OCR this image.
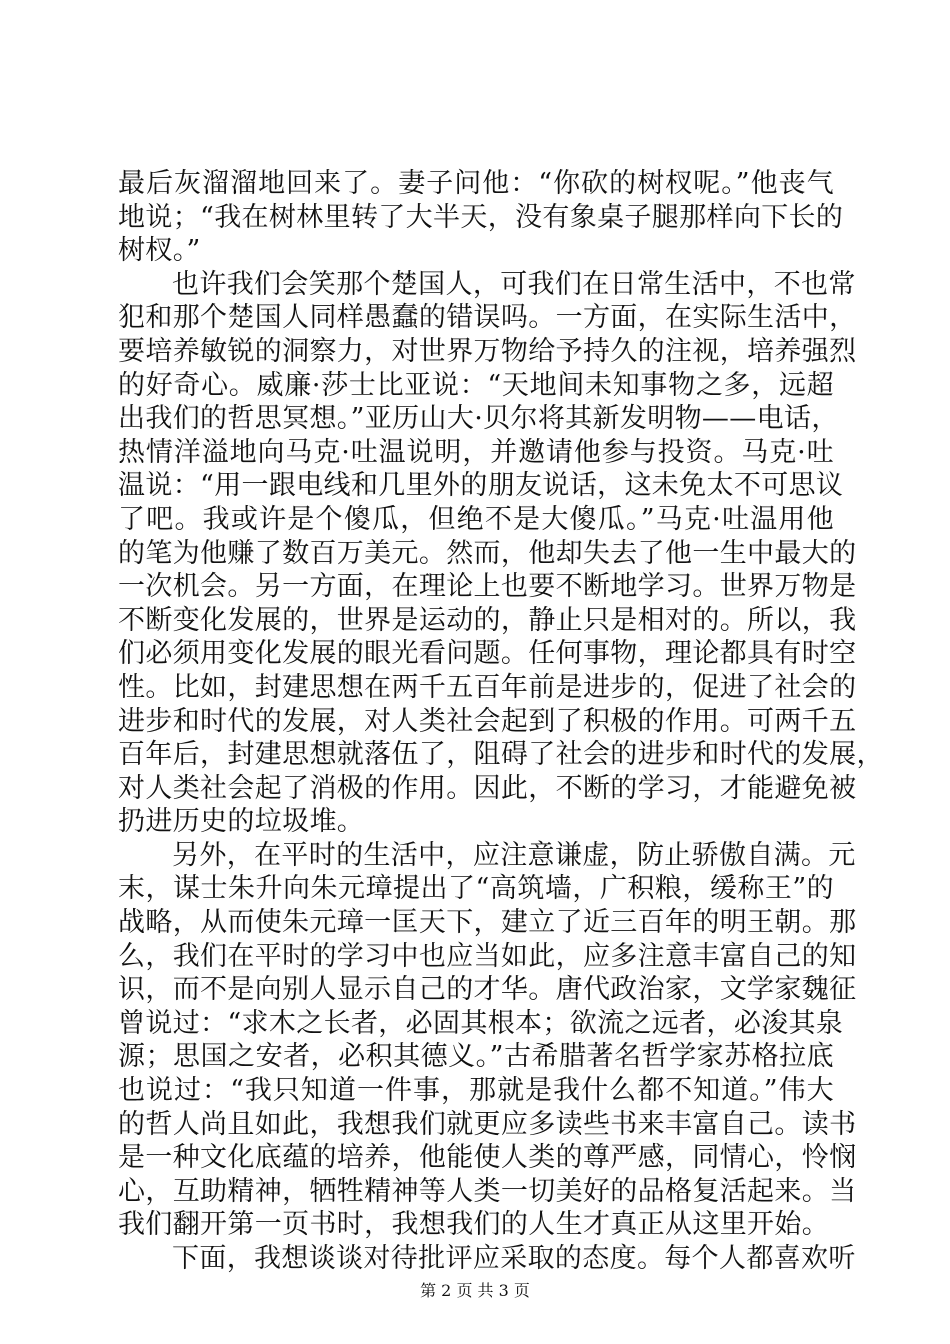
最后灰溜溜地回来了。妻子问他：“你砍的树杈呢。”他丧气
地说；“我在树林里转了大半天，没有象桌子腿那样向下长的
树杈。”
也许我们会笑那个楚国人，可我们在日常生活中，不也常
犯和那个楚国人同样愚蠢的错误吗。一方面，在实际生活中，
要培养敏锐的洞察力，对世界万物给予持久的注视，培养强烈
的好奇心。威廉·莎士比亚说：“天地间未知事物之多，远超
出我们的哲思冥想。”亚历山大·贝尔将其新发明物——电话，
热情洋溢地向马克·吐温说明，并邀请他参与投资。马克·吐
温说：“用一跟电线和几里外的朋友说话，这未免太不可思议
了吧。我或许是个傻瓜，但绝不是大傻瓜。”马克·吐温用他
的笔为他赚了数百万美元。然而，他却失去了他一生中最大的
一次机会。另一方面，在理论上也要不断地学习。世界万物是
不断变化发展的，世界是运动的，静止只是相对的。所以，我
们必须用变化发展的眼光看问题。任何事物，理论都具有时空
性。比如，封建思想在两千五百年前是进步的，促进了社会的
进步和时代的发展，对人类社会起到了积极的作用。可两千五
百年后，封建思想就落伍了，阻碍了社会的进步和时代的发展，
对人类社会起了消极的作用。因此，不断的学习，才能避免被
扔进历史的垃圾堆。
另外，在平时的生活中，应注意谦虚，防止骄傲自满。元
末，谋士朱升向朱元璋提出了“高筑墙，广积粮，缓称王”的
战略，从而使朱元璋一匡天下，建立了近三百年的明王朝。那
么，我们在平时的学习中也应当如此，应多注意丰富自己的知
识，而不是向别人显示自己的才华。唐代政治家，文学家魏征
曾说过：“求木之长者，必固其根本；欲流之远者，必浚其泉
源；思国之安者，必积其德义。”古希腊著名哲学家苏格拉底
也说过：“我只知道一件事，那就是我什么都不知道。”伟大
的哲人尚且如此，我想我们就更应多读些书来丰富自己。读书
是一种文化底蕴的培养，他能使人类的尊严感，同情心，怜悯
心，互助精神，牺牲精神等人类一切美好的品格复活起来。当
我们翻开第一页书时，我想我们的人生才真正从这里开始。
下面，我想谈谈对待批评应采取的态度。每个人都喜欢听
第 2 页 共 3 页
